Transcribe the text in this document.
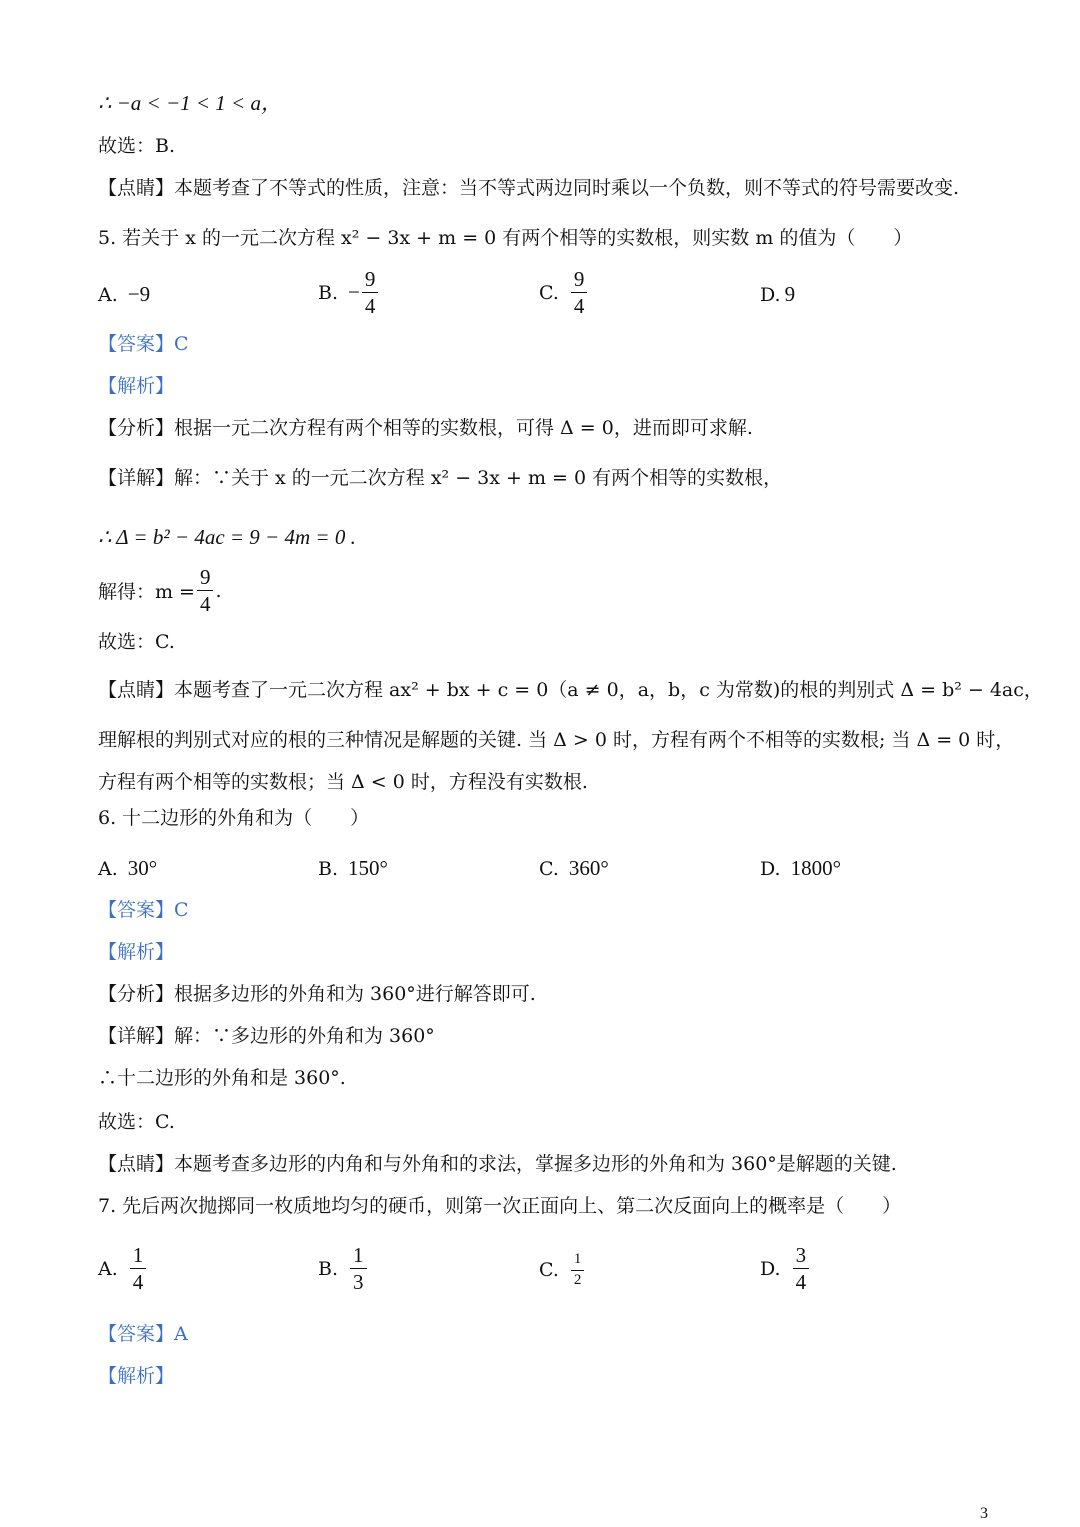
∴ −a < −1 < 1 < a，
故选：B.
【点睛】本题考查了不等式的性质，注意：当不等式两边同时乘以一个负数，则不等式的符号需要改变.
5. 若关于 x 的一元二次方程 x² − 3x + m = 0 有两个相等的实数根，则实数 m 的值为（　　）
A. −9	B. − $\frac{9}{4}$	C. $\frac{9}{4}$	D. 9
【答案】C
【解析】
【分析】根据一元二次方程有两个相等的实数根，可得 Δ = 0，进而即可求解.
【详解】解：∵关于 x 的一元二次方程 x² − 3x + m = 0 有两个相等的实数根，
∴ Δ = b² − 4ac = 9 − 4m = 0 .
解得：$m = \frac{9}{4}$ .
故选：C.
【点睛】本题考查了一元二次方程 ax² + bx + c = 0（a ≠ 0，a，b，c 为常数)的根的判别式 Δ = b² − 4ac，
理解根的判别式对应的根的三种情况是解题的关键. 当 Δ > 0 时，方程有两个不相等的实数根; 当 Δ = 0 时，
方程有两个相等的实数根；当 Δ < 0 时，方程没有实数根.
6. 十二边形的外角和为（　　）
A. 30°	B. 150°	C. 360°	D. 1800°
【答案】C
【解析】
【分析】根据多边形的外角和为 360°进行解答即可.
【详解】解：∵多边形的外角和为 360°
∴十二边形的外角和是 360°.
故选：C.
【点睛】本题考查多边形的内角和与外角和的求法，掌握多边形的外角和为 360°是解题的关键.
7. 先后两次抛掷同一枚质地均匀的硬币，则第一次正面向上、第二次反面向上的概率是（　　）
A. $\frac{1}{4}$	B. $\frac{1}{3}$	C. $\frac{1}{2}$	D. $\frac{3}{4}$
【答案】A
【解析】
3
